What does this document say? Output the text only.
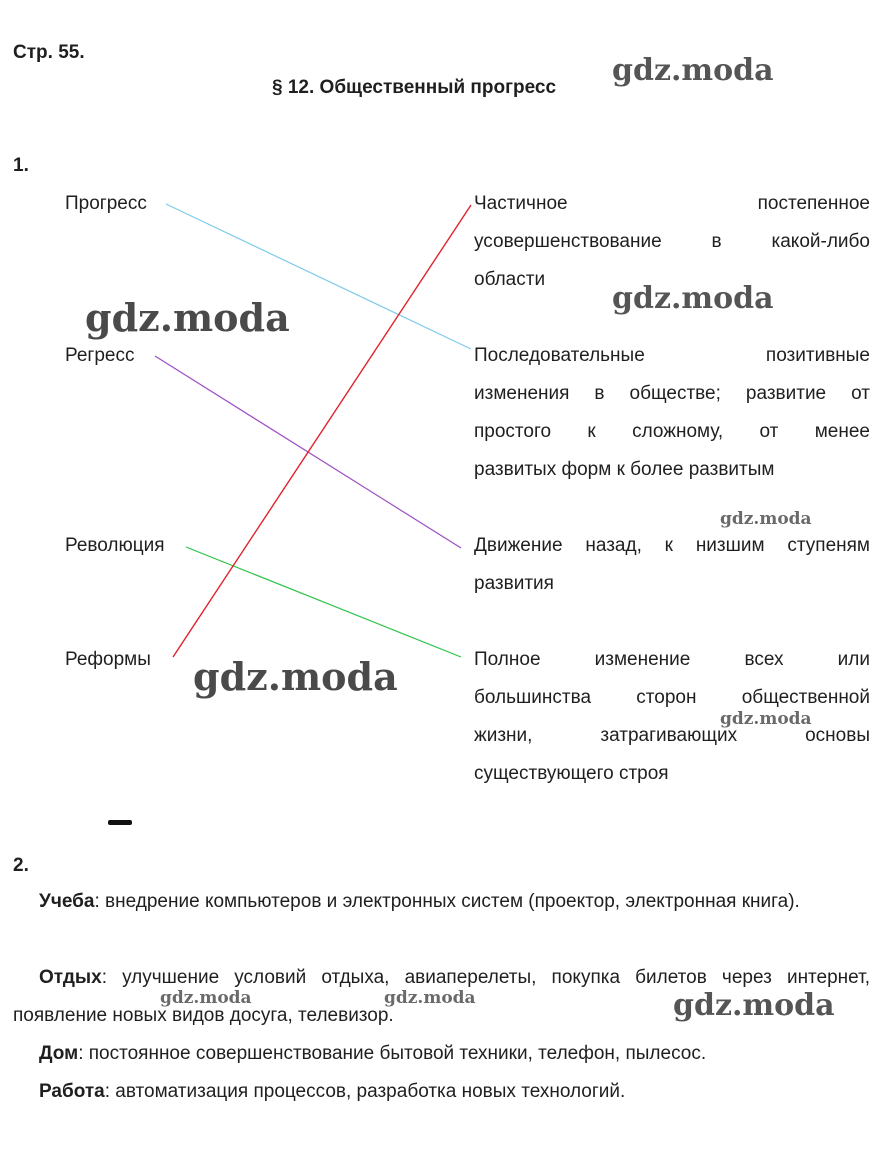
Стр. 55.
§ 12. Общественный прогресс
1.
Прогресс
Регресс
Революция
Реформы
Частичное постепенное
усовершенствование в какой-либо
области
Последовательные позитивные
изменения в обществе; развитие от
простого к сложному, от менее
развитых форм к более развитым
Движение назад, к низшим ступеням
развития
Полное изменение всех или
большинства сторон общественной
жизни, затрагивающих основы
существующего строя
2.
Учеба: внедрение компьютеров и электронных систем (проектор, электронная книга).
Отдых: улучшение условий отдыха, авиаперелеты, покупка билетов через интернет, появление новых видов досуга, телевизор.
Дом: постоянное совершенствование бытовой техники, телефон, пылесос.
Работа: автоматизация процессов, разработка новых технологий.
gdz.moda
gdz.moda	gdz.moda
gdz.moda
gdz.moda
gdz.moda
gdz.moda	gdz.moda	gdz.moda
